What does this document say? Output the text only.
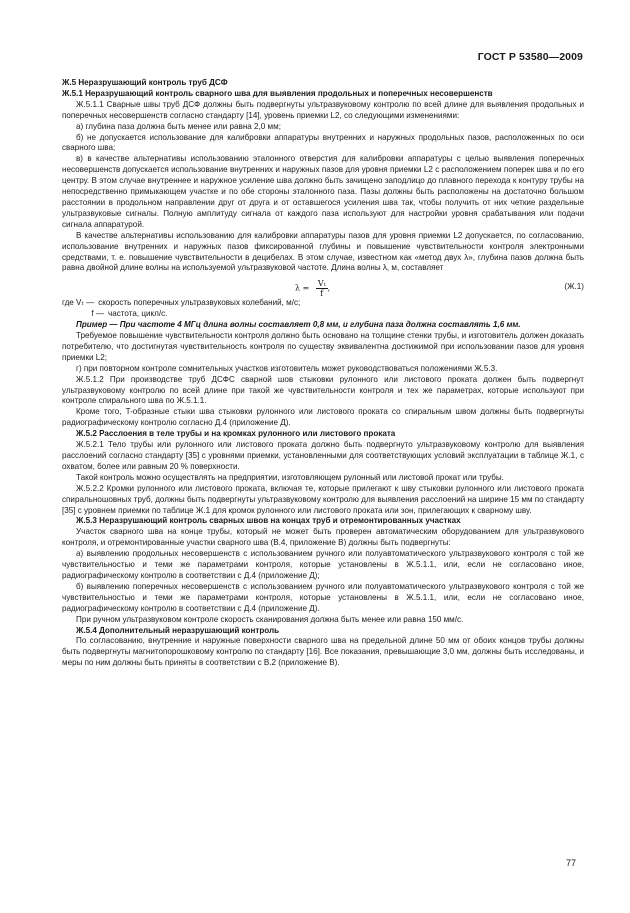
ГОСТ Р 53580—2009

Ж.5 Неразрушающий контроль труб ДСФ

Ж.5.1 Неразрушающий контроль сварного шва для выявления продольных и поперечных несовершенств

Ж.5.1.1 Сварные швы труб ДСФ должны быть подвергнуты ультразвуковому контролю по всей длине для выявления продольных и поперечных несовершенств согласно стандарту [14], уровень приемки L2, со следующими изменениями:

а) глубина паза должна быть менее или равна 2,0 мм;

б) не допускается использование для калибровки аппаратуры внутренних и наружных продольных пазов, расположенных по оси сварного шва;

в) в качестве альтернативы использованию эталонного отверстия для калибровки аппаратуры с целью выявления поперечных несовершенств допускается использование внутренних и наружных пазов для уровня приемки L2 с расположением поперек шва и по его центру. В этом случае внутреннее и наружное усиление шва должно быть зачищено заподлицо до плавного перехода к контуру трубы на непосредственно примыкающем участке и по обе стороны эталонного паза. Пазы должны быть расположены на достаточно большом расстоянии в продольном направлении друг от друга и от оставшегося усиления шва так, чтобы получить от них четкие раздельные ультразвуковые сигналы. Полную амплитуду сигнала от каждого паза используют для настройки уровня срабатывания или подачи сигнала аппаратурой.

В качестве альтернативы использованию для калибровки аппаратуры пазов для уровня приемки L2 допускается, по согласованию, использование внутренних и наружных пазов фиксированной глубины и повышение чувствительности контроля электронными средствами, т. е. повышение чувствительности в децибелах. В этом случае, известном как «метод двух λ», глубина пазов должна быть равна двойной длине волны на используемой ультразвуковой частоте. Длина волны λ, м, составляет

$\lambda = \frac{\text{Vₜ}}{f}$ ,	(Ж.1)
где Vₜ — скорость поперечных ультразвуковых колебаний, м/с;
f — частота, цикл/с.

Пример — При частоте 4 МГц длина волны составляет 0,8 мм, и глубина паза должна составлять 1,6 мм.

Требуемое повышение чувствительности контроля должно быть основано на толщине стенки трубы, и изготовитель должен доказать потребителю, что достигнутая чувствительность контроля по существу эквивалентна достижимой при использовании пазов для уровня приемки L2;

г) при повторном контроле сомнительных участков изготовитель может руководствоваться положениями Ж.5.3.

Ж.5.1.2 При производстве труб ДСФС сварной шов стыковки рулонного или листового проката должен быть подвергнут ультразвуковому контролю по всей длине при такой же чувствительности контроля и тех же параметрах, которые используют при контроле спирального шва по Ж.5.1.1.

Кроме того, T-образные стыки шва стыковки рулонного или листового проката со спиральным швом должны быть подвергнуты радиографическому контролю согласно Д.4 (приложение Д).

Ж.5.2 Расслоения в теле трубы и на кромках рулонного или листового проката

Ж.5.2.1 Тело трубы или рулонного или листового проката должно быть подвергнуто ультразвуковому контролю для выявления расслоений согласно стандарту [35] с уровнями приемки, установленными для соответствующих условий эксплуатации в таблице Ж.1, с охватом, более или равным 20 % поверхности.

Такой контроль можно осуществлять на предприятии, изготовляющем рулонный или листовой прокат или трубы.

Ж.5.2.2 Кромки рулонного или листового проката, включая те, которые прилегают к шву стыковки рулонного или листового проката спиральношовных труб, должны быть подвергнуты ультразвуковому контролю для выявления расслоений на ширине 15 мм по стандарту [35] с уровнем приемки по таблице Ж.1 для кромок рулонного или листового проката или зон, прилегающих к сварному шву.

Ж.5.3 Неразрушающий контроль сварных швов на концах труб и отремонтированных участках

Участок сварного шва на конце трубы, который не может быть проверен автоматическим оборудованием для ультразвукового контроля, и отремонтированные участки сварного шва (В.4, приложение В) должны быть подвергнуты:

а) выявлению продольных несовершенств с использованием ручного или полуавтоматического ультразвукового контроля с той же чувствительностью и теми же параметрами контроля, которые установлены в Ж.5.1.1, или, если не согласовано иное, радиографическому контролю в соответствии с Д.4 (приложение Д);

б) выявлению поперечных несовершенств с использованием ручного или полуавтоматического ультразвукового контроля с той же чувствительностью и теми же параметрами контроля, которые установлены в Ж.5.1.1, или, если не согласовано иное, радиографическому контролю в соответствии с Д.4 (приложение Д).

При ручном ультразвуковом контроле скорость сканирования должна быть менее или равна 150 мм/с.

Ж.5.4 Дополнительный неразрушающий контроль

По согласованию, внутренние и наружные поверхности сварного шва на предельной длине 50 мм от обоих концов трубы должны быть подвергнуты магнитопорошковому контролю по стандарту [16]. Все показания, превышающие 3,0 мм, должны быть исследованы, и меры по ним должны быть приняты в соответствии с В.2 (приложение В).

77
